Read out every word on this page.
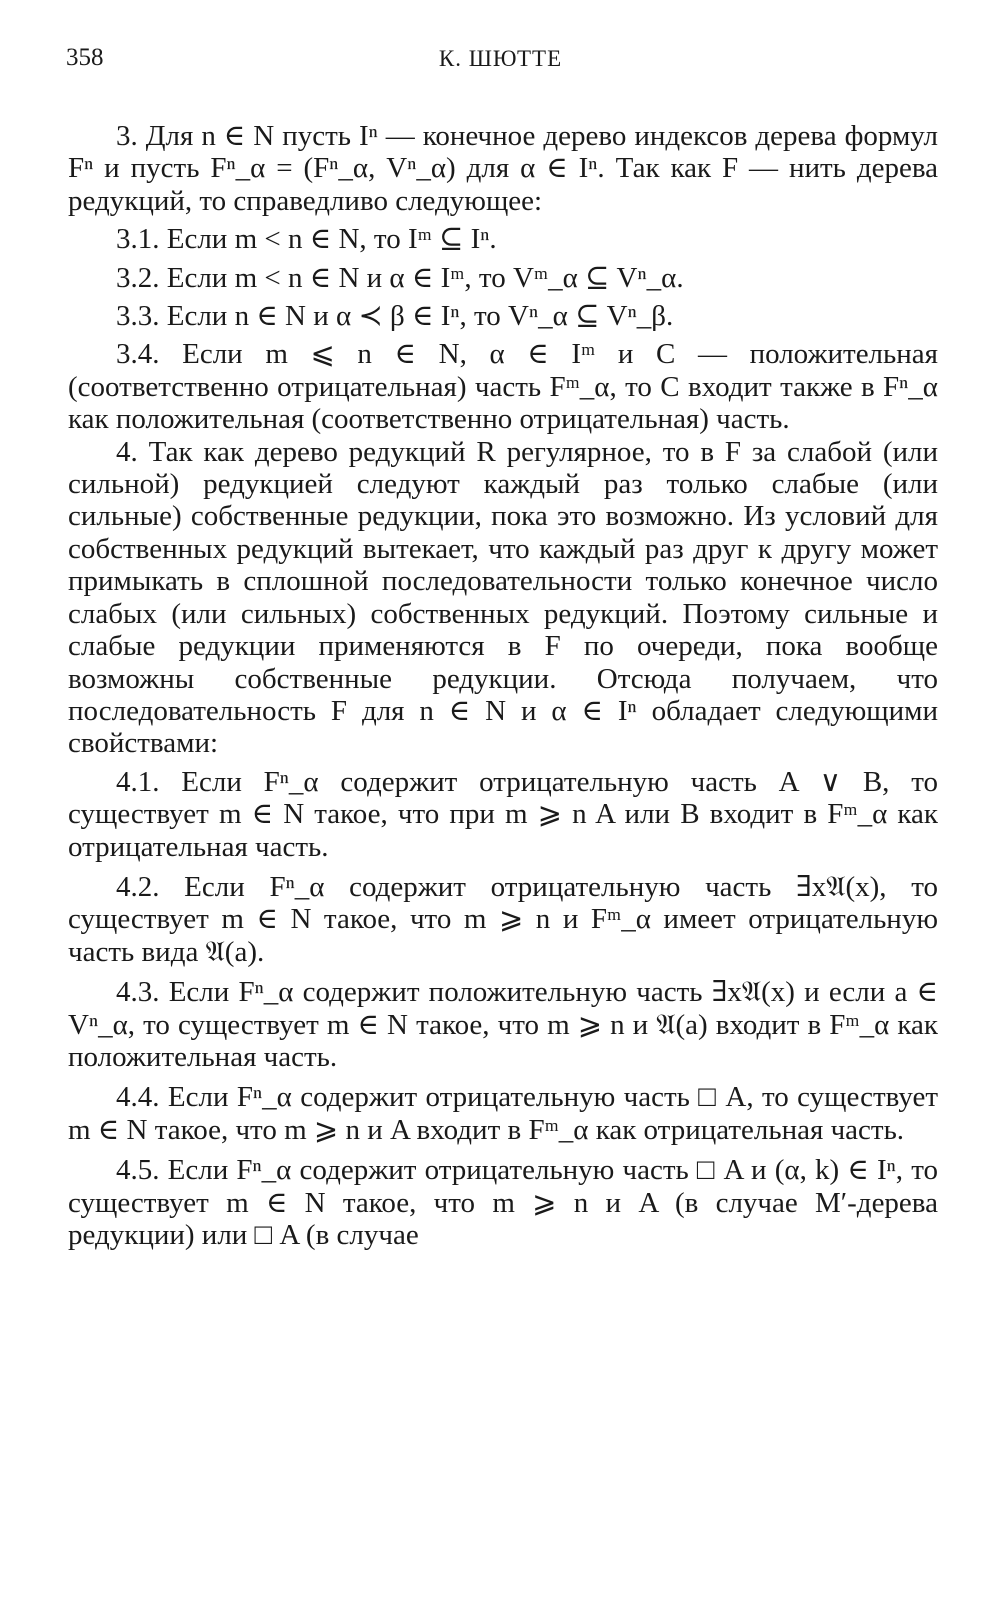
358	К. ШЮТТЕ

3. Для n ∈ N пусть Iⁿ — конечное дерево индексов дерева формул Fⁿ и пусть Fⁿ_α = (Fⁿ_α, Vⁿ_α) для α ∈ Iⁿ. Так как F — нить дерева редукций, то справедливо следующее:

3.1. Если m < n ∈ N, то Iᵐ ⊆ Iⁿ.

3.2. Если m < n ∈ N и α ∈ Iᵐ, то Vᵐ_α ⊆ Vⁿ_α.

3.3. Если n ∈ N и α ≺ β ∈ Iⁿ, то Vⁿ_α ⊆ Vⁿ_β.

3.4. Если m ⩽ n ∈ N, α ∈ Iᵐ и C — положительная (соответственно отрицательная) часть Fᵐ_α, то C входит также в Fⁿ_α как положительная (соответственно отрицательная) часть.

4. Так как дерево редукций R регулярное, то в F за слабой (или сильной) редукцией следуют каждый раз только слабые (или сильные) собственные редукции, пока это возможно. Из условий для собственных редукций вытекает, что каждый раз друг к другу может примыкать в сплошной последовательности только конечное число слабых (или сильных) собственных редукций. Поэтому сильные и слабые редукции применяются в F по очереди, пока вообще возможны собственные редукции. Отсюда получаем, что последовательность F для n ∈ N и α ∈ Iⁿ обладает следующими свойствами:

4.1. Если Fⁿ_α содержит отрицательную часть A ∨ B, то существует m ∈ N такое, что при m ⩾ n A или B входит в Fᵐ_α как отрицательная часть.

4.2. Если Fⁿ_α содержит отрицательную часть ∃x𝔄(x), то существует m ∈ N такое, что m ⩾ n и Fᵐ_α имеет отрицательную часть вида 𝔄(a).

4.3. Если Fⁿ_α содержит положительную часть ∃x𝔄(x) и если a ∈ Vⁿ_α, то существует m ∈ N такое, что m ⩾ n и 𝔄(a) входит в Fᵐ_α как положительная часть.

4.4. Если Fⁿ_α содержит отрицательную часть □ A, то существует m ∈ N такое, что m ⩾ n и A входит в Fᵐ_α как отрицательная часть.

4.5. Если Fⁿ_α содержит отрицательную часть □ A и (α, k) ∈ Iⁿ, то существует m ∈ N такое, что m ⩾ n и A (в случае M′-дерева редукции) или □ A (в случае
